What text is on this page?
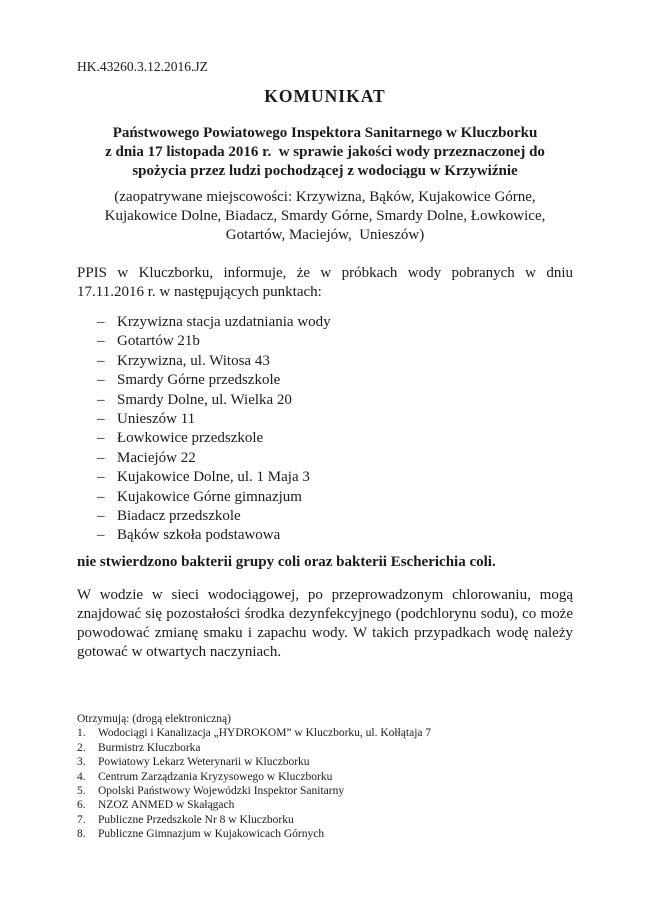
HK.43260.3.12.2016.JZ
KOMUNIKAT
Państwowego Powiatowego Inspektora Sanitarnego w Kluczborku
z dnia 17 listopada 2016 r.  w sprawie jakości wody przeznaczonej do
spożycia przez ludzi pochodzącej z wodociągu w Krzywiźnie
(zaopatrywane miejscowości: Krzywizna, Bąków, Kujakowice Górne,
Kujakowice Dolne, Biadacz, Smardy Górne, Smardy Dolne, Łowkowice,
Gotartów, Maciejów,  Unieszów)
PPIS w Kluczborku, informuje, że w próbkach wody pobranych w dniu
17.11.2016 r. w następujących punktach:
– Krzywizna stacja uzdatniania wody
– Gotartów 21b
– Krzywizna, ul. Witosa 43
– Smardy Górne przedszkole
– Smardy Dolne, ul. Wielka 20
– Unieszów 11
– Łowkowice przedszkole
– Maciejów 22
– Kujakowice Dolne, ul. 1 Maja 3
– Kujakowice Górne gimnazjum
– Biadacz przedszkole
– Bąków szkoła podstawowa
nie stwierdzono bakterii grupy coli oraz bakterii Escherichia coli.
W wodzie w sieci wodociągowej, po przeprowadzonym chlorowaniu, mogą
znajdować się pozostałości środka dezynfekcyjnego (podchlorynu sodu), co może
powodować zmianę smaku i zapachu wody. W takich przypadkach wodę należy
gotować w otwartych naczyniach.
Otrzymują: (drogą elektroniczną)
1.	Wodociągi i Kanalizacja „HYDROKOM” w Kluczborku, ul. Kołłątaja 7
2.	Burmistrz Kluczborka
3.	Powiatowy Lekarz Weterynarii w Kluczborku
4.	Centrum Zarządzania Kryzysowego w Kluczborku
5.	Opolski Państwowy Wojewódzki Inspektor Sanitarny
6.	NZOZ ANMED w Skałągach
7.	Publiczne Przedszkole Nr 8 w Kluczborku
8.	Publiczne Gimnazjum w Kujakowicach Górnych
